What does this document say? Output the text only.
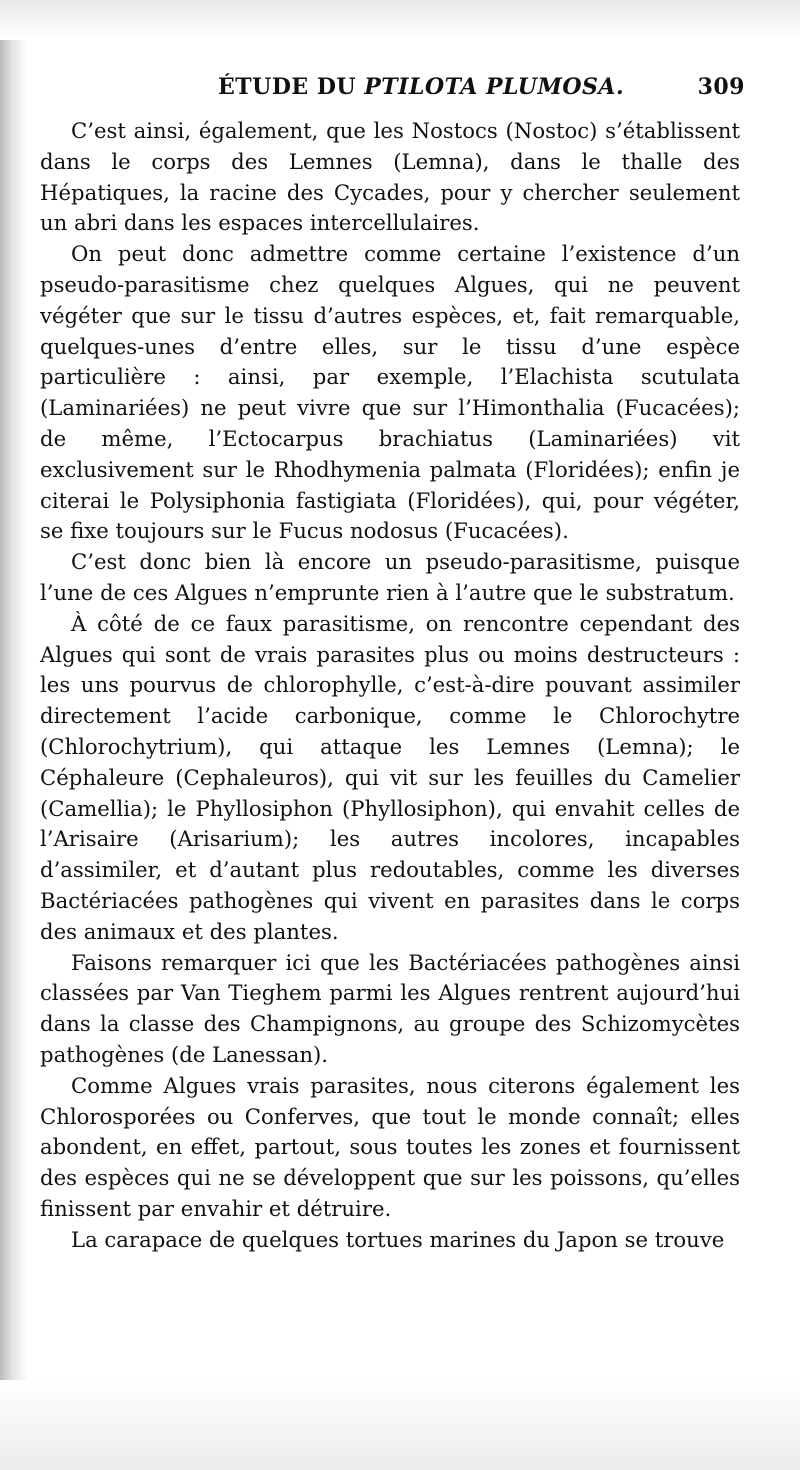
ÉTUDE DU PTILOTA PLUMOSA.	309

C’est ainsi, également, que les Nostocs (Nostoc) s’établissent dans le corps des Lemnes (Lemna), dans le thalle des Hépatiques, la racine des Cycades, pour y chercher seulement un abri dans les espaces intercellulaires.

On peut donc admettre comme certaine l’existence d’un pseudo-parasitisme chez quelques Algues, qui ne peuvent végéter que sur le tissu d’autres espèces, et, fait remarquable, quelques-unes d’entre elles, sur le tissu d’une espèce particulière : ainsi, par exemple, l’Elachista scutulata (Laminariées) ne peut vivre que sur l’Himonthalia (Fucacées); de même, l’Ectocarpus brachiatus (Laminariées) vit exclusivement sur le Rhodhymenia palmata (Floridées); enfin je citerai le Polysiphonia fastigiata (Floridées), qui, pour végéter, se fixe toujours sur le Fucus nodosus (Fucacées).

C’est donc bien là encore un pseudo-parasitisme, puisque l’une de ces Algues n’emprunte rien à l’autre que le substratum.

À côté de ce faux parasitisme, on rencontre cependant des Algues qui sont de vrais parasites plus ou moins destructeurs : les uns pourvus de chlorophylle, c’est-à-dire pouvant assimiler directement l’acide carbonique, comme le Chlorochytre (Chlorochytrium), qui attaque les Lemnes (Lemna); le Céphaleure (Cephaleuros), qui vit sur les feuilles du Camelier (Camellia); le Phyllosiphon (Phyllosiphon), qui envahit celles de l’Arisaire (Arisarium); les autres incolores, incapables d’assimiler, et d’autant plus redoutables, comme les diverses Bactériacées pathogènes qui vivent en parasites dans le corps des animaux et des plantes.

Faisons remarquer ici que les Bactériacées pathogènes ainsi classées par Van Tieghem parmi les Algues rentrent aujourd’hui dans la classe des Champignons, au groupe des Schizomycètes pathogènes (de Lanessan).

Comme Algues vrais parasites, nous citerons également les Chlorosporées ou Conferves, que tout le monde connaît; elles abondent, en effet, partout, sous toutes les zones et fournissent des espèces qui ne se développent que sur les poissons, qu’elles finissent par envahir et détruire.

La carapace de quelques tortues marines du Japon se trouve
